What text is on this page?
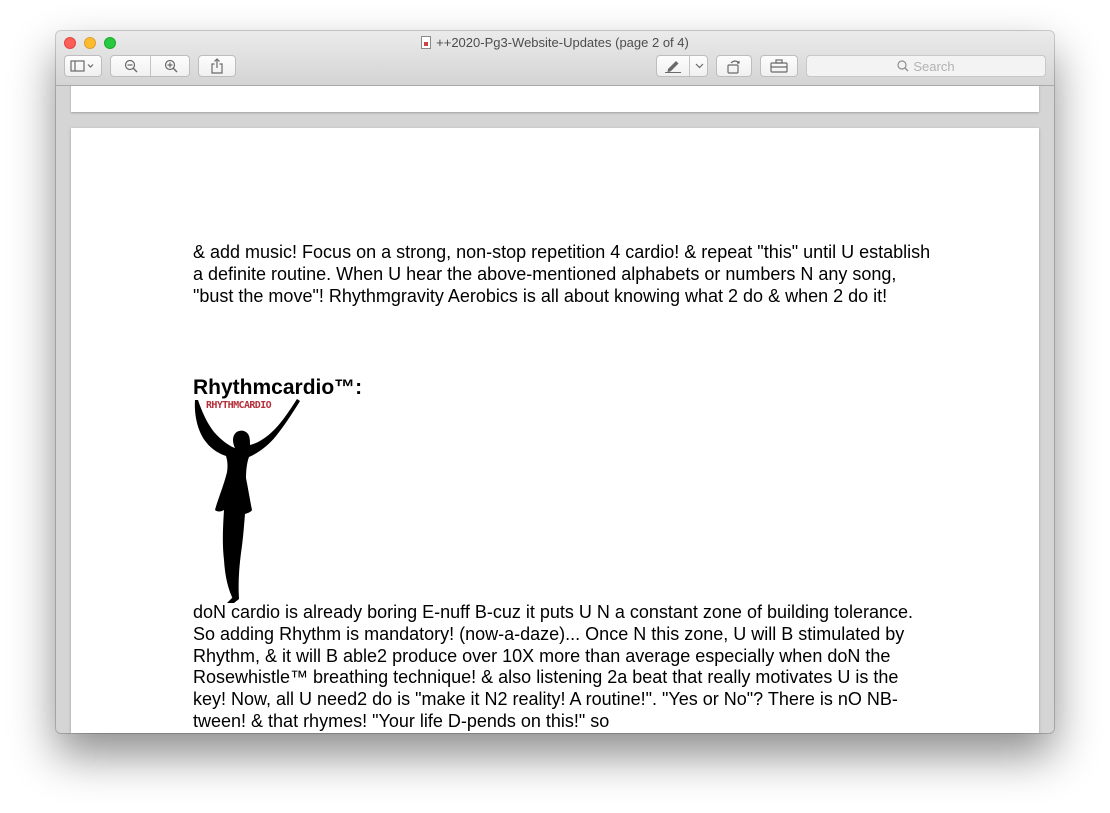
++2020-Pg3-Website-Updates (page 2 of 4)
Search

& add music! Focus on a strong, non-stop repetition 4 cardio! & repeat "this" until U establish a definite routine. When U hear the above-mentioned alphabets or numbers N any song, "bust the move"! Rhythmgravity Aerobics is all about knowing what 2 do & when 2 do it!

Rhythmcardio™:
RHYTHMCARDIO

doN cardio is already boring E-nuff B-cuz it puts U N a constant zone of building tolerance. So adding Rhythm is mandatory! (now-a-daze)... Once N this zone, U will B stimulated by Rhythm, & it will B able2 produce over 10X more than average especially when doN the Rosewhistle™ breathing technique! & also listening 2a beat that really motivates U is the key! Now, all U need2 do is "make it N2 reality! A routine!". "Yes or No"? There is nO NB-tween! & that rhymes! "Your life D-pends on this!" so
